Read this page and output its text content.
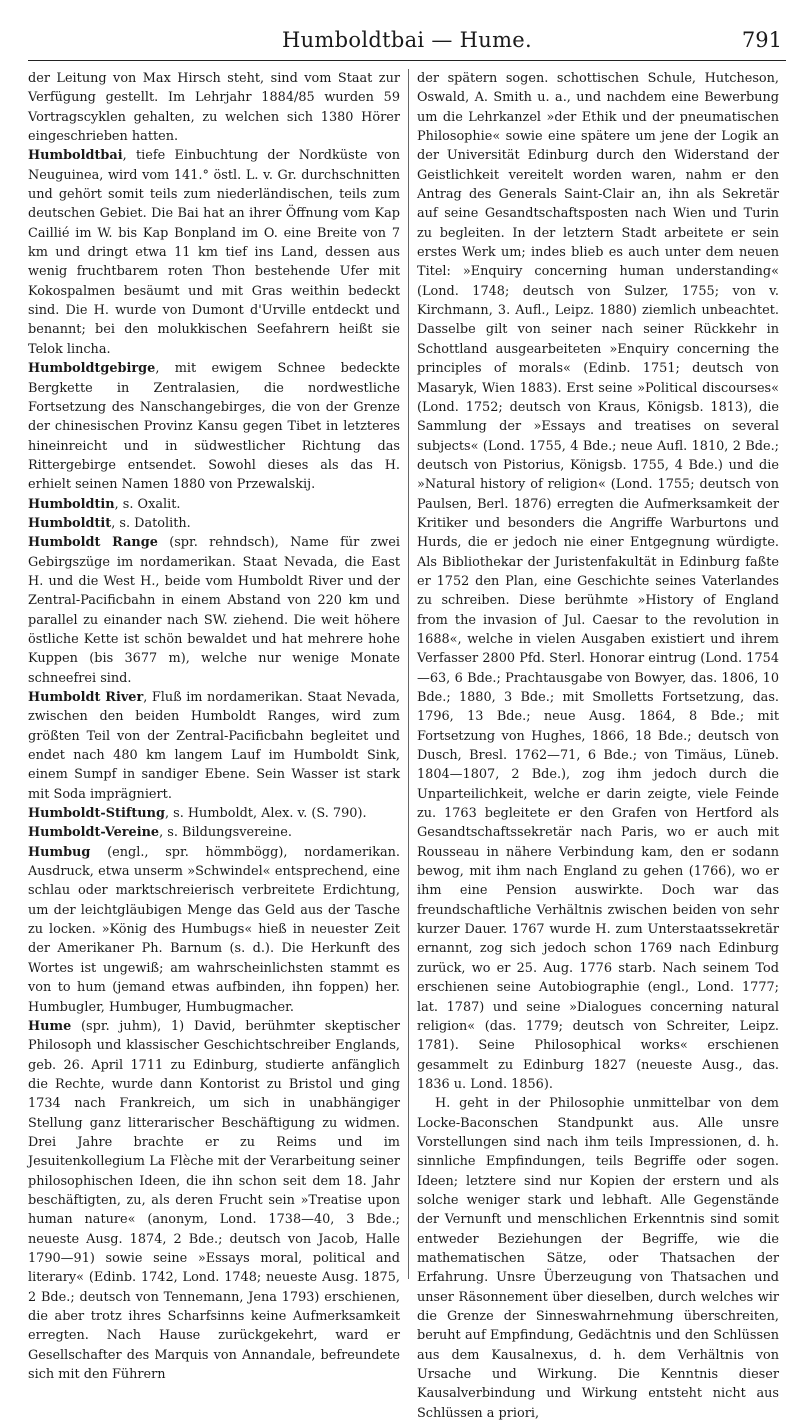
Humboldtbai — Hume.	791

der Leitung von Max Hirsch steht, sind vom Staat zur Verfügung gestellt. Im Lehrjahr 1884/85 wurden 59 Vortragscyklen gehalten, zu welchen sich 1380 Hörer eingeschrieben hatten.

Humboldtbai, tiefe Einbuchtung der Nordküste von Neuguinea, wird vom 141.° östl. L. v. Gr. durchschnitten und gehört somit teils zum niederländischen, teils zum deutschen Gebiet. Die Bai hat an ihrer Öffnung vom Kap Caillié im W. bis Kap Bonpland im O. eine Breite von 7 km und dringt etwa 11 km tief ins Land, dessen aus wenig fruchtbarem roten Thon bestehende Ufer mit Kokospalmen besäumt und mit Gras weithin bedeckt sind. Die H. wurde von Dumont d'Urville entdeckt und benannt; bei den molukkischen Seefahrern heißt sie Telok lincha.

Humboldtgebirge, mit ewigem Schnee bedeckte Bergkette in Zentralasien, die nordwestliche Fortsetzung des Nanschangebirges, die von der Grenze der chinesischen Provinz Kansu gegen Tibet in letzteres hineinreicht und in südwestlicher Richtung das Rittergebirge entsendet. Sowohl dieses als das H. erhielt seinen Namen 1880 von Przewalskij.

Humboldtin, s. Oxalit.

Humboldtit, s. Datolith.

Humboldt Range (spr. rehndsch), Name für zwei Gebirgszüge im nordamerikan. Staat Nevada, die East H. und die West H., beide vom Humboldt River und der Zentral-Pacificbahn in einem Abstand von 220 km und parallel zu einander nach SW. ziehend. Die weit höhere östliche Kette ist schön bewaldet und hat mehrere hohe Kuppen (bis 3677 m), welche nur wenige Monate schneefrei sind.

Humboldt River, Fluß im nordamerikan. Staat Nevada, zwischen den beiden Humboldt Ranges, wird zum größten Teil von der Zentral-Pacificbahn begleitet und endet nach 480 km langem Lauf im Humboldt Sink, einem Sumpf in sandiger Ebene. Sein Wasser ist stark mit Soda imprägniert.

Humboldt-Stiftung, s. Humboldt, Alex. v. (S. 790).

Humboldt-Vereine, s. Bildungsvereine.

Humbug (engl., spr. hömmbögg), nordamerikan. Ausdruck, etwa unserm »Schwindel« entsprechend, eine schlau oder marktschreierisch verbreitete Erdichtung, um der leichtgläubigen Menge das Geld aus der Tasche zu locken. »König des Humbugs« hieß in neuester Zeit der Amerikaner Ph. Barnum (s. d.). Die Herkunft des Wortes ist ungewiß; am wahrscheinlichsten stammt es von to hum (jemand etwas aufbinden, ihn foppen) her. Humbugler, Humbuger, Humbugmacher.

Hume (spr. juhm), 1) David, berühmter skeptischer Philosoph und klassischer Geschichtschreiber Englands, geb. 26. April 1711 zu Edinburg, studierte anfänglich die Rechte, wurde dann Kontorist zu Bristol und ging 1734 nach Frankreich, um sich in unabhängiger Stellung ganz litterarischer Beschäftigung zu widmen. Drei Jahre brachte er zu Reims und im Jesuitenkollegium La Flèche mit der Verarbeitung seiner philosophischen Ideen, die ihn schon seit dem 18. Jahr beschäftigten, zu, als deren Frucht sein »Treatise upon human nature« (anonym, Lond. 1738—40, 3 Bde.; neueste Ausg. 1874, 2 Bde.; deutsch von Jacob, Halle 1790—91) sowie seine »Essays moral, political and literary« (Edinb. 1742, Lond. 1748; neueste Ausg. 1875, 2 Bde.; deutsch von Tennemann, Jena 1793) erschienen, die aber trotz ihres Scharfsinns keine Aufmerksamkeit erregten. Nach Hause zurückgekehrt, ward er Gesellschafter des Marquis von Annandale, befreundete sich mit den Führern

der spätern sogen. schottischen Schule, Hutcheson, Oswald, A. Smith u. a., und nachdem eine Bewerbung um die Lehrkanzel »der Ethik und der pneumatischen Philosophie« sowie eine spätere um jene der Logik an der Universität Edinburg durch den Widerstand der Geistlichkeit vereitelt worden waren, nahm er den Antrag des Generals Saint-Clair an, ihn als Sekretär auf seine Gesandtschaftsposten nach Wien und Turin zu begleiten. In der letztern Stadt arbeitete er sein erstes Werk um; indes blieb es auch unter dem neuen Titel: »Enquiry concerning human understanding« (Lond. 1748; deutsch von Sulzer, 1755; von v. Kirchmann, 3. Aufl., Leipz. 1880) ziemlich unbeachtet. Dasselbe gilt von seiner nach seiner Rückkehr in Schottland ausgearbeiteten »Enquiry concerning the principles of morals« (Edinb. 1751; deutsch von Masaryk, Wien 1883). Erst seine »Political discourses« (Lond. 1752; deutsch von Kraus, Königsb. 1813), die Sammlung der »Essays and treatises on several subjects« (Lond. 1755, 4 Bde.; neue Aufl. 1810, 2 Bde.; deutsch von Pistorius, Königsb. 1755, 4 Bde.) und die »Natural history of religion« (Lond. 1755; deutsch von Paulsen, Berl. 1876) erregten die Aufmerksamkeit der Kritiker und besonders die Angriffe Warburtons und Hurds, die er jedoch nie einer Entgegnung würdigte. Als Bibliothekar der Juristenfakultät in Edinburg faßte er 1752 den Plan, eine Geschichte seines Vaterlandes zu schreiben. Diese berühmte »History of England from the invasion of Jul. Caesar to the revolution in 1688«, welche in vielen Ausgaben existiert und ihrem Verfasser 2800 Pfd. Sterl. Honorar eintrug (Lond. 1754—63, 6 Bde.; Prachtausgabe von Bowyer, das. 1806, 10 Bde.; 1880, 3 Bde.; mit Smolletts Fortsetzung, das. 1796, 13 Bde.; neue Ausg. 1864, 8 Bde.; mit Fortsetzung von Hughes, 1866, 18 Bde.; deutsch von Dusch, Bresl. 1762—71, 6 Bde.; von Timäus, Lüneb. 1804—1807, 2 Bde.), zog ihm jedoch durch die Unparteilichkeit, welche er darin zeigte, viele Feinde zu. 1763 begleitete er den Grafen von Hertford als Gesandtschaftssekretär nach Paris, wo er auch mit Rousseau in nähere Verbindung kam, den er sodann bewog, mit ihm nach England zu gehen (1766), wo er ihm eine Pension auswirkte. Doch war das freundschaftliche Verhältnis zwischen beiden von sehr kurzer Dauer. 1767 wurde H. zum Unterstaatssekretär ernannt, zog sich jedoch schon 1769 nach Edinburg zurück, wo er 25. Aug. 1776 starb. Nach seinem Tod erschienen seine Autobiographie (engl., Lond. 1777; lat. 1787) und seine »Dialogues concerning natural religion« (das. 1779; deutsch von Schreiter, Leipz. 1781). Seine Philosophical works« erschienen gesammelt zu Edinburg 1827 (neueste Ausg., das. 1836 u. Lond. 1856).

H. geht in der Philosophie unmittelbar von dem Locke-Baconschen Standpunkt aus. Alle unsre Vorstellungen sind nach ihm teils Impressionen, d. h. sinnliche Empfindungen, teils Begriffe oder sogen. Ideen; letztere sind nur Kopien der erstern und als solche weniger stark und lebhaft. Alle Gegenstände der Vernunft und menschlichen Erkenntnis sind somit entweder Beziehungen der Begriffe, wie die mathematischen Sätze, oder Thatsachen der Erfahrung. Unsre Überzeugung von Thatsachen und unser Räsonnement über dieselben, durch welches wir die Grenze der Sinneswahrnehmung überschreiten, beruht auf Empfindung, Gedächtnis und den Schlüssen aus dem Kausalnexus, d. h. dem Verhältnis von Ursache und Wirkung. Die Kenntnis dieser Kausalverbindung und Wirkung entsteht nicht aus Schlüssen a priori,
